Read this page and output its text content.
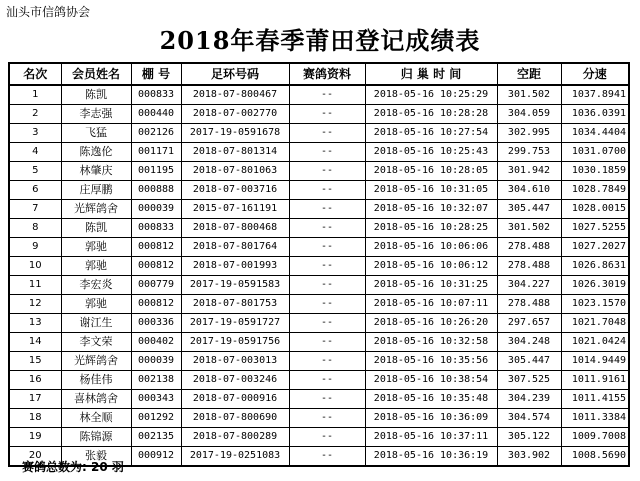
汕头市信鸽协会
2018年春季莆田登记成绩表
名次	会员姓名	棚 号	足环号码	赛鸽资料	归 巢 时 间	空距	分速
1	陈凯	000833	2018-07-800467	--	2018-05-16 10:25:29	301.502	1037.8941
2	李志强	000440	2018-07-002770	--	2018-05-16 10:28:28	304.059	1036.0391
3	飞猛	002126	2017-19-0591678	--	2018-05-16 10:27:54	302.995	1034.4404
4	陈逸伦	001171	2018-07-801314	--	2018-05-16 10:25:43	299.753	1031.0700
5	林肇庆	001195	2018-07-801063	--	2018-05-16 10:28:05	301.942	1030.1859
6	庄厚鹏	000888	2018-07-003716	--	2018-05-16 10:31:05	304.610	1028.7849
7	光辉鸽舍	000039	2015-07-161191	--	2018-05-16 10:32:07	305.447	1028.0015
8	陈凯	000833	2018-07-800468	--	2018-05-16 10:28:25	301.502	1027.5255
9	郭驰	000812	2018-07-801764	--	2018-05-16 10:06:06	278.488	1027.2027
10	郭驰	000812	2018-07-001993	--	2018-05-16 10:06:12	278.488	1026.8631
11	李宏炎	000779	2017-19-0591583	--	2018-05-16 10:31:25	304.227	1026.3019
12	郭驰	000812	2018-07-801753	--	2018-05-16 10:07:11	278.488	1023.1570
13	谢江生	000336	2017-19-0591727	--	2018-05-16 10:26:20	297.657	1021.7048
14	李文荣	000402	2017-19-0591756	--	2018-05-16 10:32:58	304.248	1021.0424
15	光辉鸽舍	000039	2018-07-003013	--	2018-05-16 10:35:56	305.447	1014.9449
16	杨佳伟	002138	2018-07-003246	--	2018-05-16 10:38:54	307.525	1011.9161
17	喜林鸽舍	000343	2018-07-000916	--	2018-05-16 10:35:48	304.239	1011.4155
18	林全顺	001292	2018-07-800690	--	2018-05-16 10:36:09	304.574	1011.3384
19	陈锦源	002135	2018-07-800289	--	2018-05-16 10:37:11	305.122	1009.7008
20	张毅	000912	2017-19-0251083	--	2018-05-16 10:36:19	303.902	1008.5690
赛鸽总数为: 20 羽
